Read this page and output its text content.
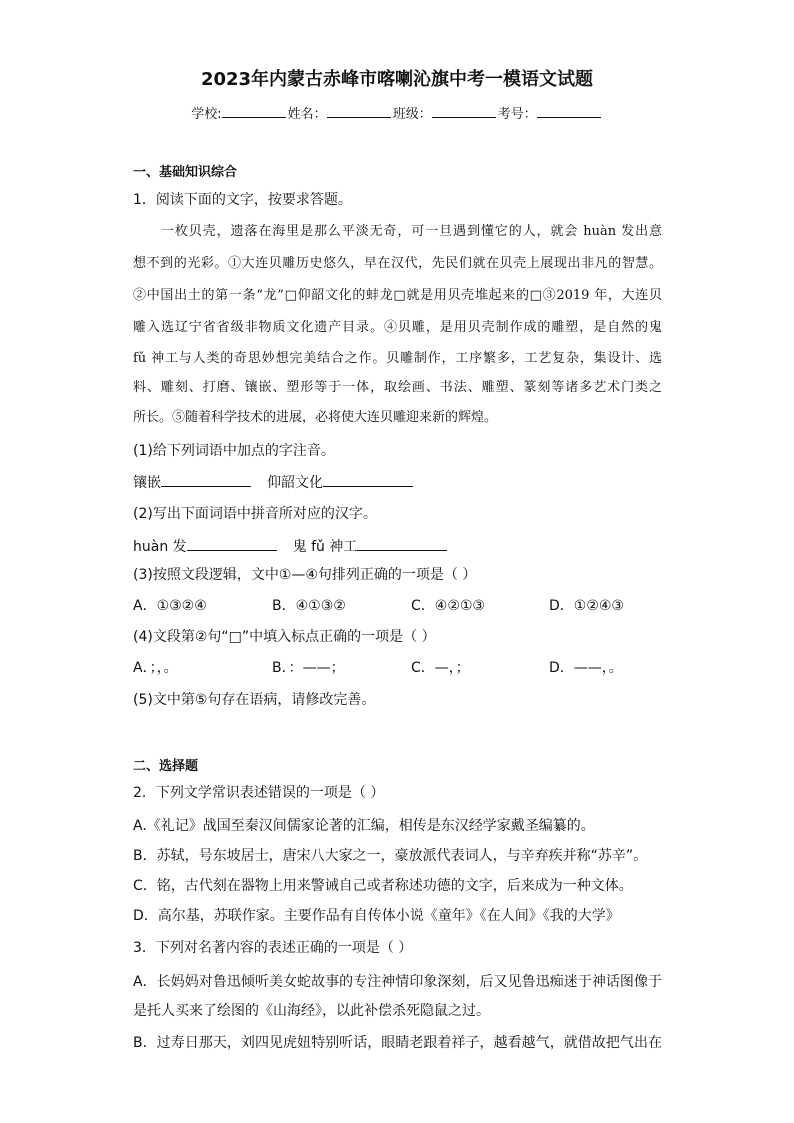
2023年内蒙古赤峰市喀喇沁旗中考一模语文试题
学校:	姓名：	班级：	考号：
一、基础知识综合
1．阅读下面的文字，按要求答题。
一枚贝壳，遗落在海里是那么平淡无奇，可一旦遇到懂它的人，就会 huàn 发出意
想不到的光彩。①大连贝雕历史悠久，早在汉代，先民们就在贝壳上展现出非凡的智慧。
②中国出土的第一条“龙”□仰韶文化的蚌龙□就是用贝壳堆起来的□③2019 年，大连贝
雕入选辽宁省省级非物质文化遗产目录。④贝雕，是用贝壳制作成的雕塑，是自然的鬼
fǔ 神工与人类的奇思妙想完美结合之作。贝雕制作，工序繁多，工艺复杂，集设计、选
料、雕刻、打磨、镶嵌、塑形等于一体，取绘画、书法、雕塑、篆刻等诸多艺术门类之
所长。⑤随着科学技术的进展，必将使大连贝雕迎来新的辉煌。
(1)给下列词语中加点的字注音。
镶嵌	仰韶文化
(2)写出下面词语中拼音所对应的汉字。
huàn 发	鬼 fǔ 神工
(3)按照文段逻辑，文中①—④句排列正确的一项是（ ）
A．①③②④	B．④①③②	C．④②①③	D．①②④③
(4)文段第②句“□”中填入标点正确的一项是（ ）
A．；，。	B．：——；	C．—，；	D．——，。
(5)文中第⑤句存在语病，请修改完善。
二、选择题
2．下列文学常识表述错误的一项是（ ）
A.《礼记》战国至秦汉间儒家论著的汇编，相传是东汉经学家戴圣编纂的。
B．苏轼，号东坡居士，唐宋八大家之一，豪放派代表词人，与辛弃疾并称“苏辛”。
C．铭，古代刻在器物上用来警诫自己或者称述功德的文字，后来成为一种文体。
D．高尔基，苏联作家。主要作品有自传体小说《童年》《在人间》《我的大学》
3．下列对名著内容的表述正确的一项是（ ）
A．长妈妈对鲁迅倾听美女蛇故事的专注神情印象深刻，后又见鲁迅痴迷于神话图像于
是托人买来了绘图的《山海经》，以此补偿杀死隐鼠之过。
B．过寿日那天，刘四见虎妞特别听话，眼睛老跟着祥子，越看越气，就借故把气出在
